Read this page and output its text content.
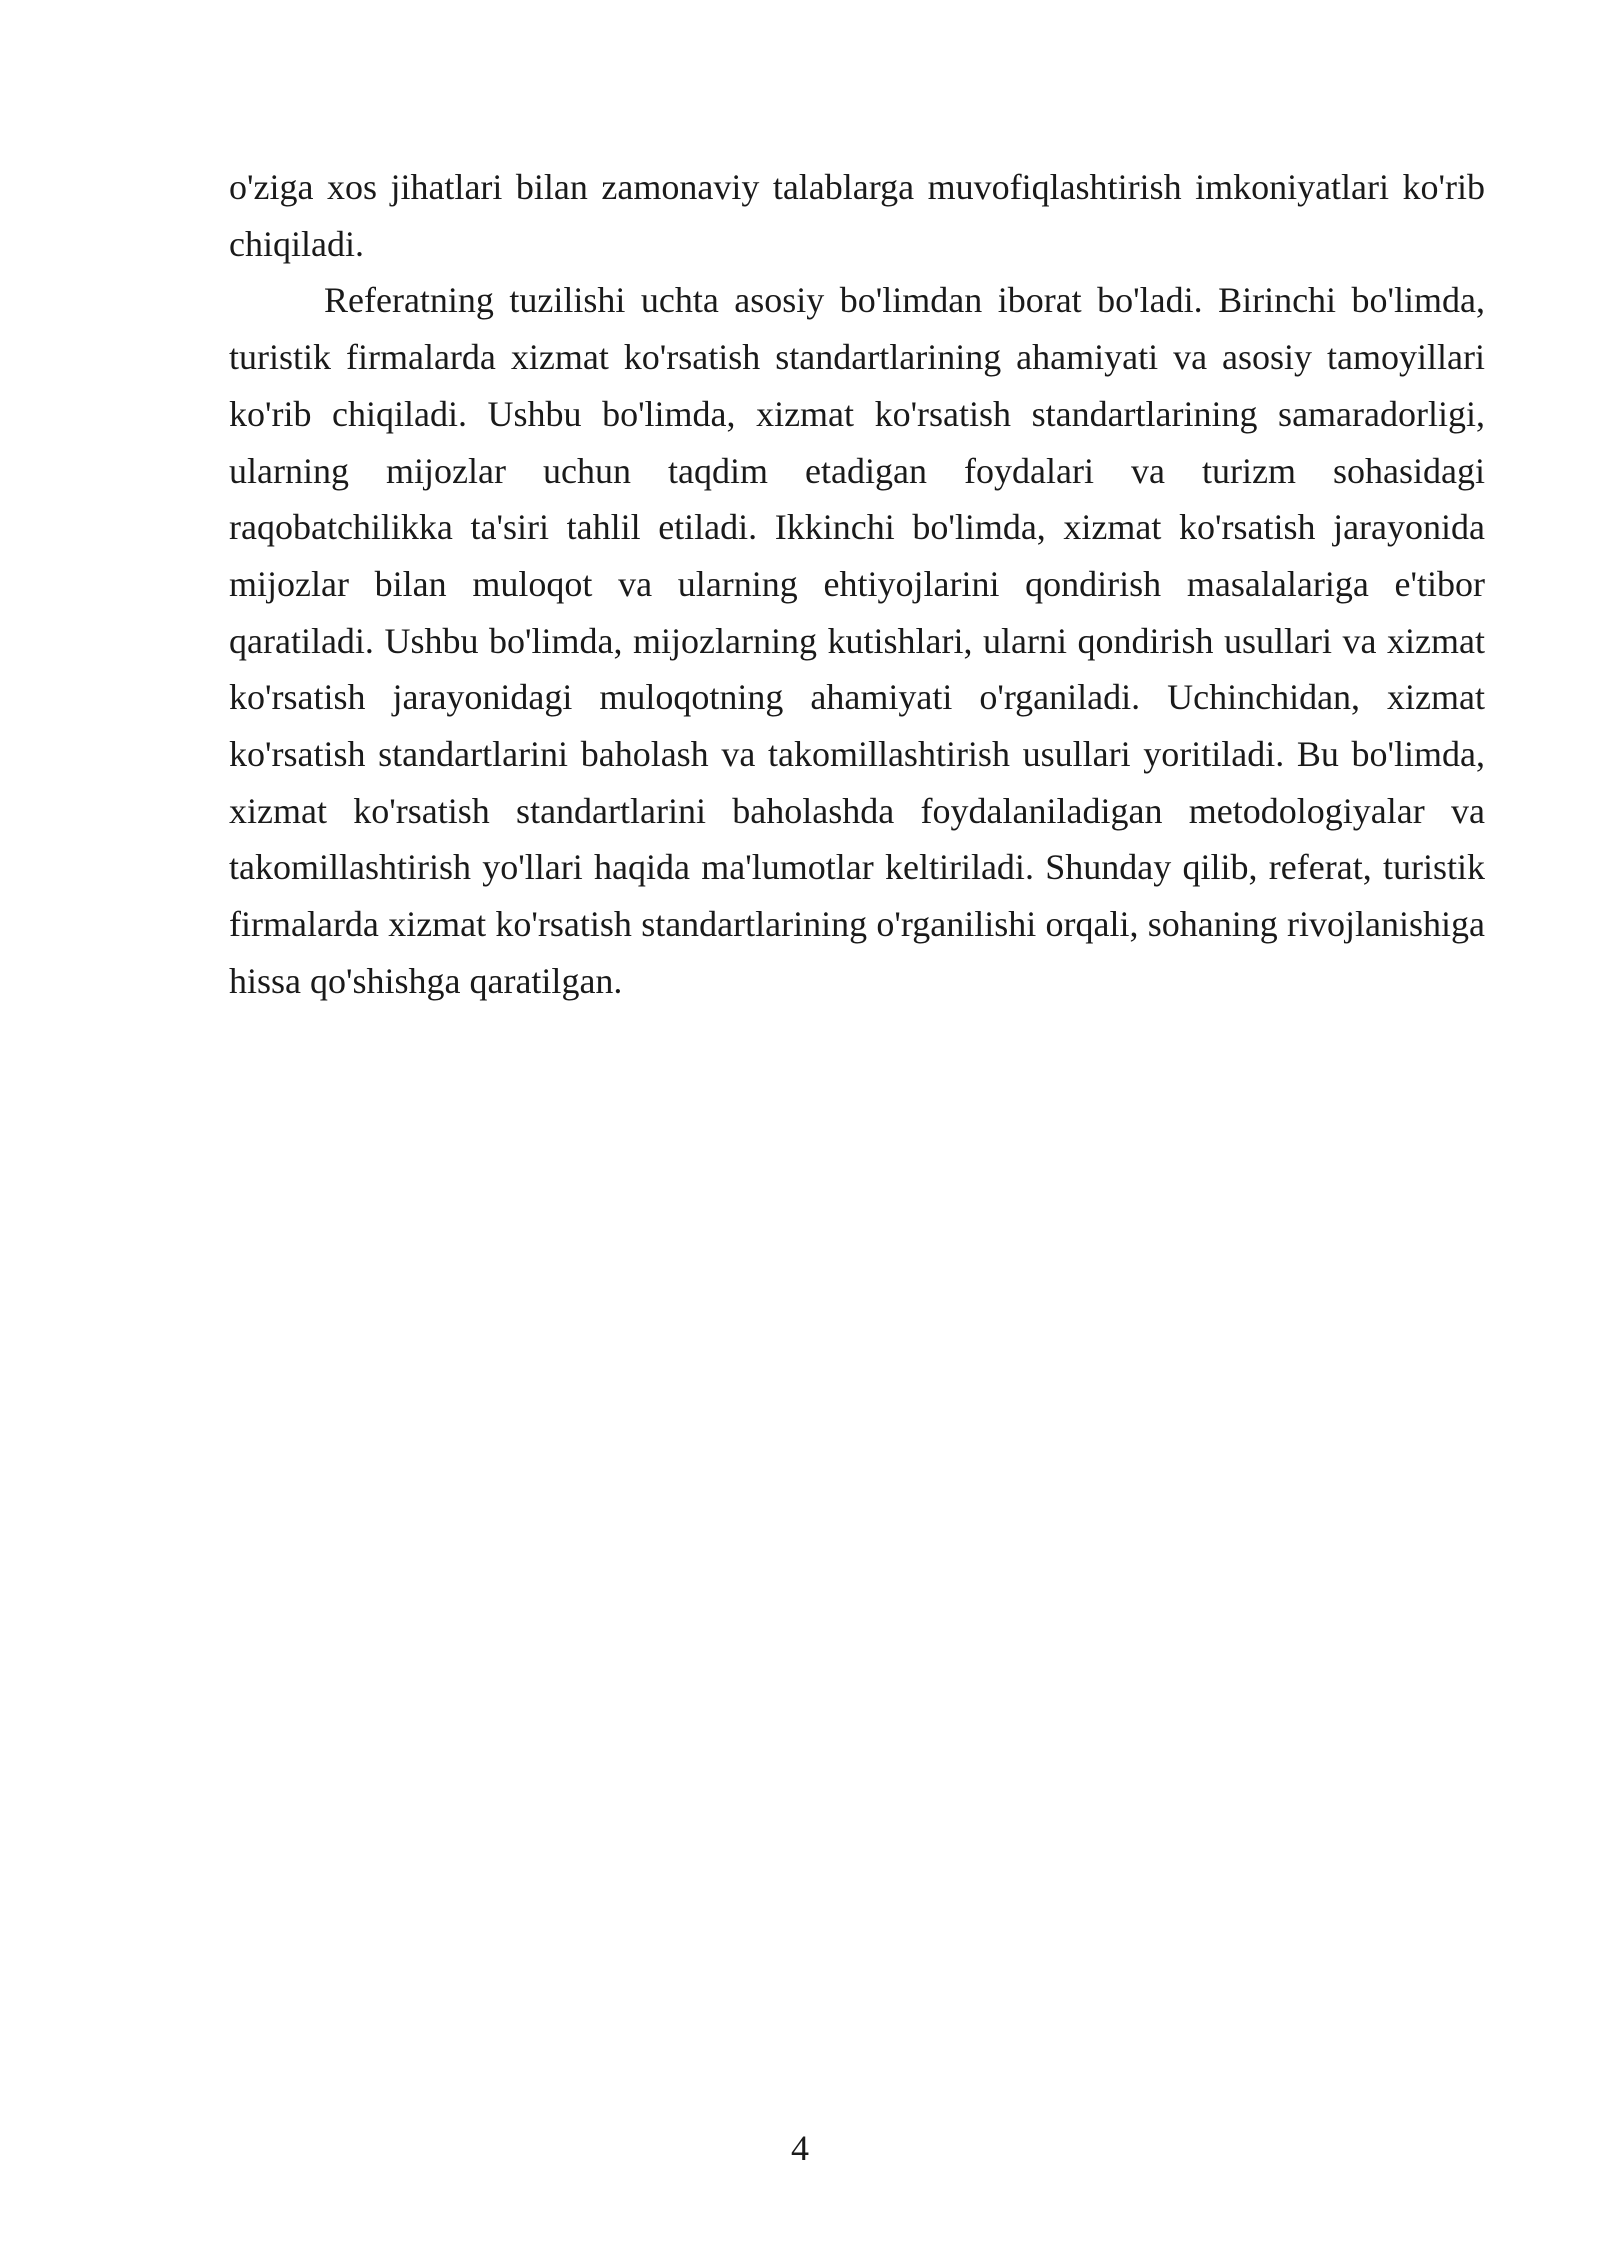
o'ziga xos jihatlari bilan zamonaviy talablarga muvofiqlashtirish imkoniyatlari ko'rib chiqiladi.

Referatning tuzilishi uchta asosiy bo'limdan iborat bo'ladi. Birinchi bo'limda, turistik firmalarda xizmat ko'rsatish standartlarining ahamiyati va asosiy tamoyillari ko'rib chiqiladi. Ushbu bo'limda, xizmat ko'rsatish standartlarining samaradorligi, ularning mijozlar uchun taqdim etadigan foydalari va turizm sohasidagi raqobatchilikka ta'siri tahlil etiladi. Ikkinchi bo'limda, xizmat ko'rsatish jarayonida mijozlar bilan muloqot va ularning ehtiyojlarini qondirish masalalariga e'tibor qaratiladi. Ushbu bo'limda, mijozlarning kutishlari, ularni qondirish usullari va xizmat ko'rsatish jarayonidagi muloqotning ahamiyati o'rganiladi. Uchinchidan, xizmat ko'rsatish standartlarini baholash va takomillashtirish usullari yoritiladi. Bu bo'limda, xizmat ko'rsatish standartlarini baholashda foydalaniladigan metodologiyalar va takomillashtirish yo'llari haqida ma'lumotlar keltiriladi. Shunday qilib, referat, turistik firmalarda xizmat ko'rsatish standartlarining o'rganilishi orqali, sohaning rivojlanishiga hissa qo'shishga qaratilgan.

4
